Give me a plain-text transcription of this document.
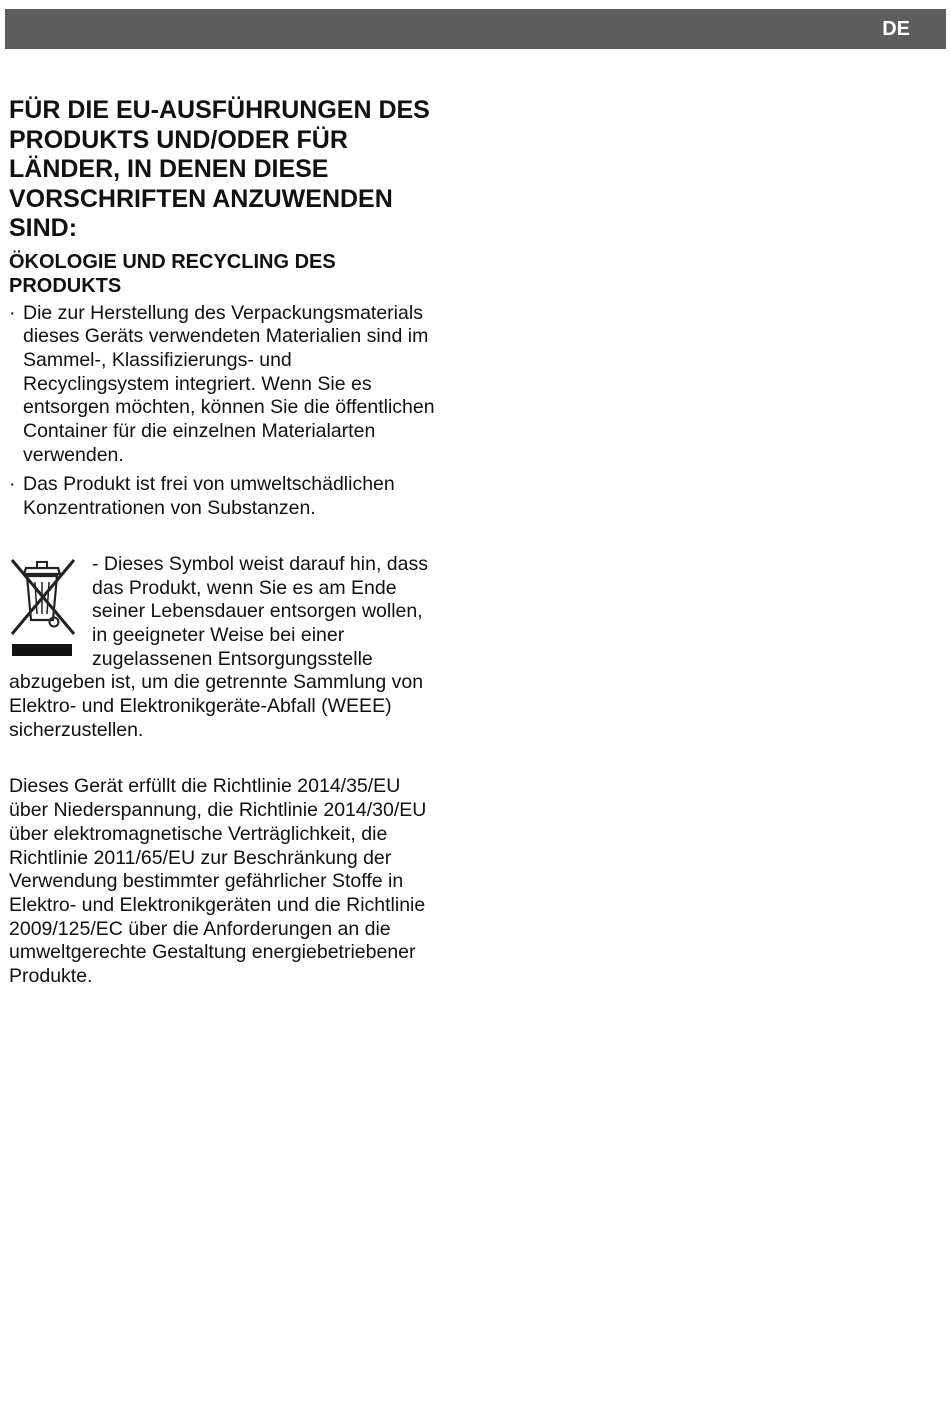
DE
FÜR DIE EU-AUSFÜHRUNGEN DES
PRODUKTS UND/ODER FÜR
LÄNDER, IN DENEN DIESE
VORSCHRIFTEN ANZUWENDEN
SIND:
ÖKOLOGIE UND RECYCLING DES
PRODUKTS
· Die zur Herstellung des Verpackungsmaterials
dieses Geräts verwendeten Materialien sind im
Sammel-, Klassifizierungs- und
Recyclingsystem integriert. Wenn Sie es
entsorgen möchten, können Sie die öffentlichen
Container für die einzelnen Materialarten
verwenden.
· Das Produkt ist frei von umweltschädlichen
Konzentrationen von Substanzen.
- Dieses Symbol weist darauf hin, dass
das Produkt, wenn Sie es am Ende
seiner Lebensdauer entsorgen wollen,
in geeigneter Weise bei einer
zugelassenen Entsorgungsstelle
abzugeben ist, um die getrennte Sammlung von
Elektro- und Elektronikgeräte-Abfall (WEEE)
sicherzustellen.
Dieses Gerät erfüllt die Richtlinie 2014/35/EU
über Niederspannung, die Richtlinie 2014/30/EU
über elektromagnetische Verträglichkeit, die
Richtlinie 2011/65/EU zur Beschränkung der
Verwendung bestimmter gefährlicher Stoffe in
Elektro- und Elektronikgeräten und die Richtlinie
2009/125/EC über die Anforderungen an die
umweltgerechte Gestaltung energiebetriebener
Produkte.
